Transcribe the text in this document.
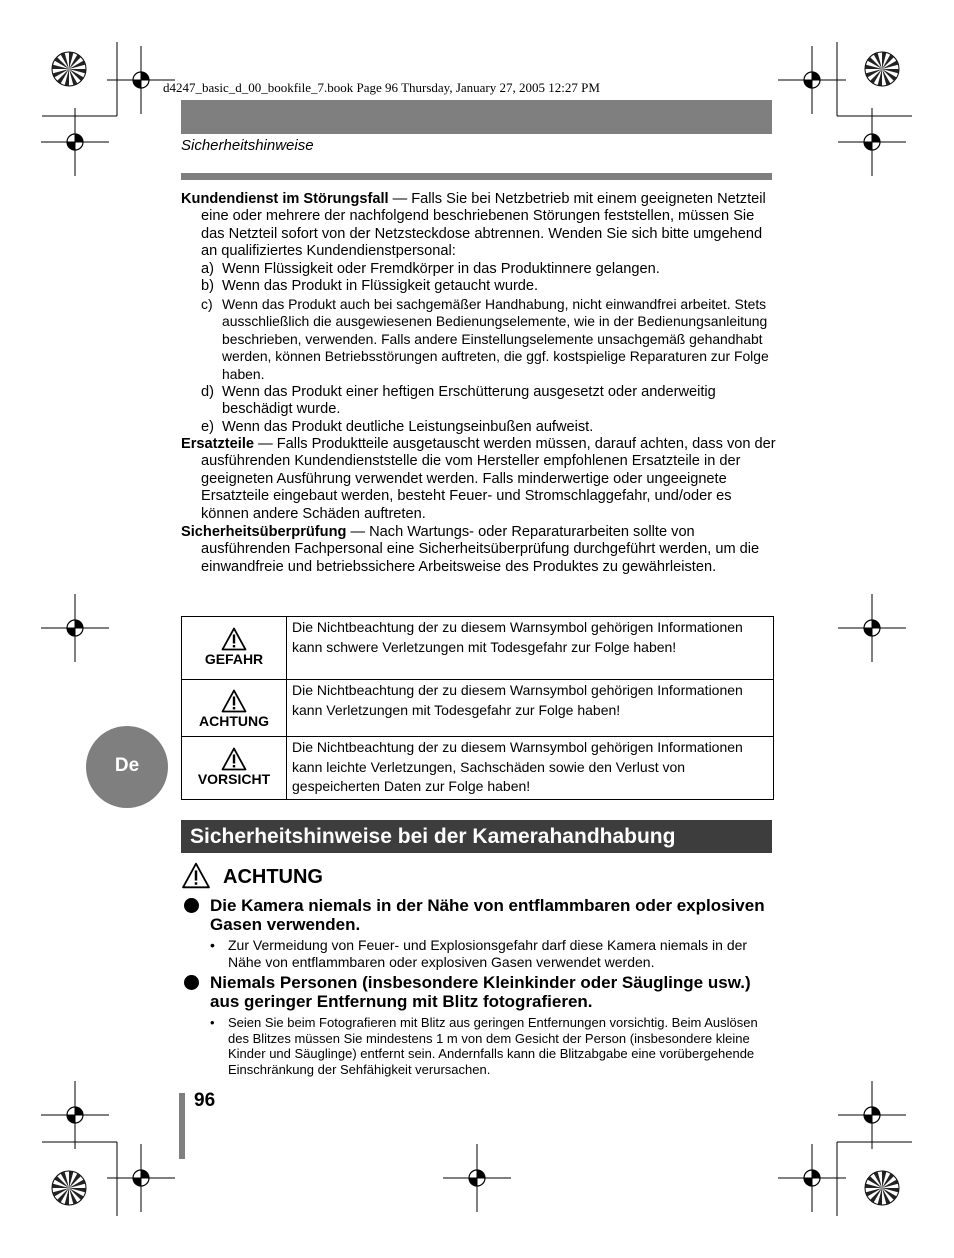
d4247_basic_d_00_bookfile_7.book Page 96 Thursday, January 27, 2005 12:27 PM
Sicherheitshinweise
Kundendienst im Störungsfall — Falls Sie bei Netzbetrieb mit einem geeigneten Netzteil eine oder mehrere der nachfolgend beschriebenen Störungen feststellen, müssen Sie das Netzteil sofort von der Netzsteckdose abtrennen. Wenden Sie sich bitte umgehend an qualifiziertes Kundendienstpersonal:
a) Wenn Flüssigkeit oder Fremdkörper in das Produktinnere gelangen.
b) Wenn das Produkt in Flüssigkeit getaucht wurde.
c) Wenn das Produkt auch bei sachgemäßer Handhabung, nicht einwandfrei arbeitet. Stets ausschließlich die ausgewiesenen Bedienungselemente, wie in der Bedienungsanleitung beschrieben, verwenden. Falls andere Einstellungselemente unsachgemäß gehandhabt werden, können Betriebsstörungen auftreten, die ggf. kostspielige Reparaturen zur Folge haben.
d) Wenn das Produkt einer heftigen Erschütterung ausgesetzt oder anderweitig beschädigt wurde.
e) Wenn das Produkt deutliche Leistungseinbußen aufweist.
Ersatzteile — Falls Produktteile ausgetauscht werden müssen, darauf achten, dass von der ausführenden Kundendienststelle die vom Hersteller empfohlenen Ersatzteile in der geeigneten Ausführung verwendet werden. Falls minderwertige oder ungeeignete Ersatzteile eingebaut werden, besteht Feuer- und Stromschlaggefahr, und/oder es können andere Schäden auftreten.
Sicherheitsüberprüfung — Nach Wartungs- oder Reparaturarbeiten sollte von ausführenden Fachpersonal eine Sicherheitsüberprüfung durchgeführt werden, um die einwandfreie und betriebssichere Arbeitsweise des Produktes zu gewährleisten.
GEFAHR	Die Nichtbeachtung der zu diesem Warnsymbol gehörigen Informationen kann schwere Verletzungen mit Todesgefahr zur Folge haben!

ACHTUNG	Die Nichtbeachtung der zu diesem Warnsymbol gehörigen Informationen kann Verletzungen mit Todesgefahr zur Folge haben!

VORSICHT	Die Nichtbeachtung der zu diesem Warnsymbol gehörigen Informationen kann leichte Verletzungen, Sachschäden sowie den Verlust von gespeicherten Daten zur Folge haben!
De
Sicherheitshinweise bei der Kamerahandhabung
ACHTUNG
Die Kamera niemals in der Nähe von entflammbaren oder explosiven Gasen verwenden.
• Zur Vermeidung von Feuer- und Explosionsgefahr darf diese Kamera niemals in der Nähe von entflammbaren oder explosiven Gasen verwendet werden.
Niemals Personen (insbesondere Kleinkinder oder Säuglinge usw.) aus geringer Entfernung mit Blitz fotografieren.
• Seien Sie beim Fotografieren mit Blitz aus geringen Entfernungen vorsichtig. Beim Auslösen des Blitzes müssen Sie mindestens 1 m von dem Gesicht der Person (insbesondere kleine Kinder und Säuglinge) entfernt sein. Andernfalls kann die Blitzabgabe eine vorübergehende Einschränkung der Sehfähigkeit verursachen.
96
